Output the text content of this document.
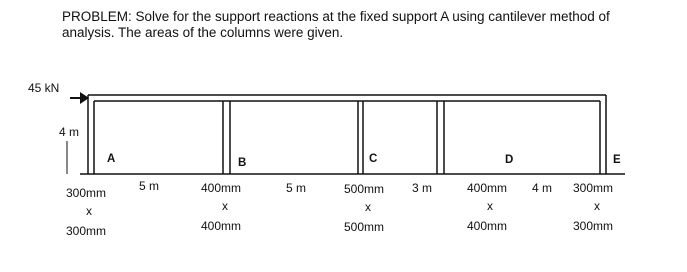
PROBLEM: Solve for the support reactions at the fixed support A using cantilever method of
analysis. The areas of the columns were given.
45 kN
4 m
A	B	C	D	E
300mm
x
300mm
400mm
x
400mm
500mm
x
500mm
400mm
x
400mm
300mm
x
300mm
5 m	5 m	3 m	4 m
